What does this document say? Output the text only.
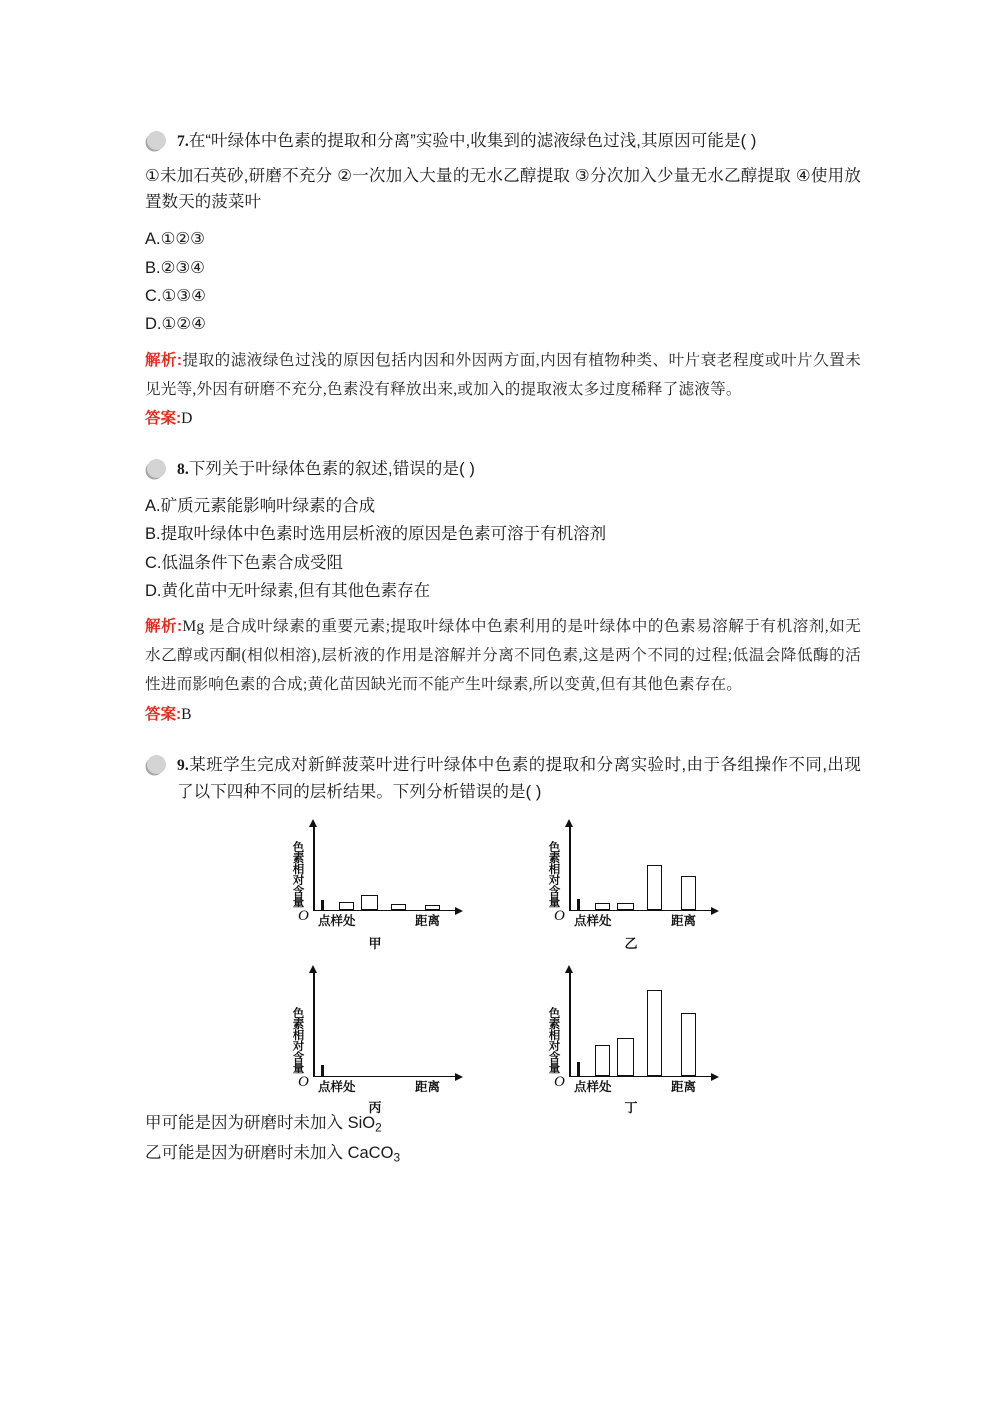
7.在“叶绿体中色素的提取和分离”实验中,收集到的滤液绿色过浅,其原因可能是( )
①未加石英砂,研磨不充分 ②一次加入大量的无水乙醇提取 ③分次加入少量无水乙醇提取 ④使用放置数天的菠菜叶
A.①②③
B.②③④
C.①③④
D.①②④
解析:提取的滤液绿色过浅的原因包括内因和外因两方面,内因有植物种类、叶片衰老程度或叶片久置未见光等,外因有研磨不充分,色素没有释放出来,或加入的提取液太多过度稀释了滤液等。
答案:D
8.下列关于叶绿体色素的叙述,错误的是( )
A.矿质元素能影响叶绿素的合成
B.提取叶绿体中色素时选用层析液的原因是色素可溶于有机溶剂
C.低温条件下色素合成受阻
D.黄化苗中无叶绿素,但有其他色素存在
解析:Mg 是合成叶绿素的重要元素;提取叶绿体中色素利用的是叶绿体中的色素易溶解于有机溶剂,如无水乙醇或丙酮(相似相溶),层析液的作用是溶解并分离不同色素,这是两个不同的过程;低温会降低酶的活性进而影响色素的合成;黄化苗因缺光而不能产生叶绿素,所以变黄,但有其他色素存在。
答案:B
9.某班学生完成对新鲜菠菜叶进行叶绿体中色素的提取和分离实验时,由于各组操作不同,出现了以下四种不同的层析结果。下列分析错误的是( )
色素相对含量
O 点样处	距离
甲
色素相对含量
O 点样处	距离
乙
色素相对含量
O 点样处	距离
丙
色素相对含量
O 点样处	距离
丁
甲可能是因为研磨时未加入 SiO$_2$
乙可能是因为研磨时未加入 CaCO$_3$
